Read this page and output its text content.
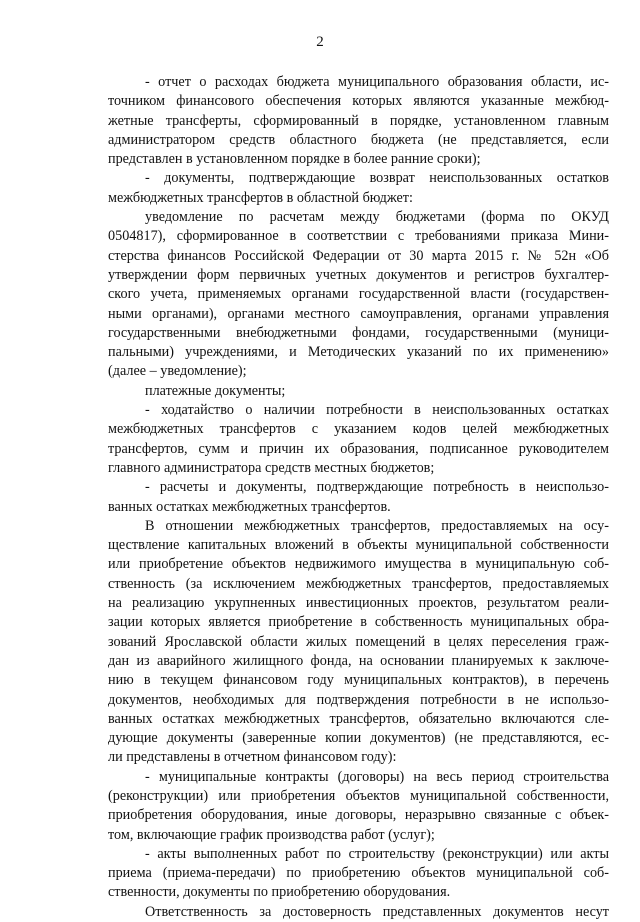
2
- отчет о расходах бюджета муниципального образования области, ис-
точником финансового обеспечения которых являются указанные межбюд-
жетные трансферты, сформированный в порядке, установленном главным
администратором средств областного бюджета (не представляется, если
представлен в установленном порядке в более ранние сроки);
- документы, подтверждающие возврат неиспользованных остатков
межбюджетных трансфертов в областной бюджет:
уведомление по расчетам между бюджетами (форма по ОКУД
0504817), сформированное в соответствии с требованиями приказа Мини-
стерства финансов Российской Федерации от 30 марта 2015 г. № 52н «Об
утверждении форм первичных учетных документов и регистров бухгалтер-
ского учета, применяемых органами государственной власти (государствен-
ными органами), органами местного самоуправления, органами управления
государственными внебюджетными фондами, государственными (муници-
пальными) учреждениями, и Методических указаний по их применению»
(далее – уведомление);
платежные документы;
- ходатайство о наличии потребности в неиспользованных остатках
межбюджетных трансфертов с указанием кодов целей межбюджетных
трансфертов, сумм и причин их образования, подписанное руководителем
главного администратора средств местных бюджетов;
- расчеты и документы, подтверждающие потребность в неиспользо-
ванных остатках межбюджетных трансфертов.
В отношении межбюджетных трансфертов, предоставляемых на осу-
ществление капитальных вложений в объекты муниципальной собственности
или приобретение объектов недвижимого имущества в муниципальную соб-
ственность (за исключением межбюджетных трансфертов, предоставляемых
на реализацию укрупненных инвестиционных проектов, результатом реали-
зации которых является приобретение в собственность муниципальных обра-
зований Ярославской области жилых помещений в целях переселения граж-
дан из аварийного жилищного фонда, на основании планируемых к заключе-
нию в текущем финансовом году муниципальных контрактов), в перечень
документов, необходимых для подтверждения потребности в не использо-
ванных остатках межбюджетных трансфертов, обязательно включаются сле-
дующие документы (заверенные копии документов) (не представляются, ес-
ли представлены в отчетном финансовом году):
- муниципальные контракты (договоры) на весь период строительства
(реконструкции) или приобретения объектов муниципальной собственности,
приобретения оборудования, иные договоры, неразрывно связанные с объек-
том, включающие график производства работ (услуг);
- акты выполненных работ по строительству (реконструкции) или акты
приема (приема-передачи) по приобретению объектов муниципальной соб-
ственности, документы по приобретению оборудования.
Ответственность за достоверность представленных документов несут
